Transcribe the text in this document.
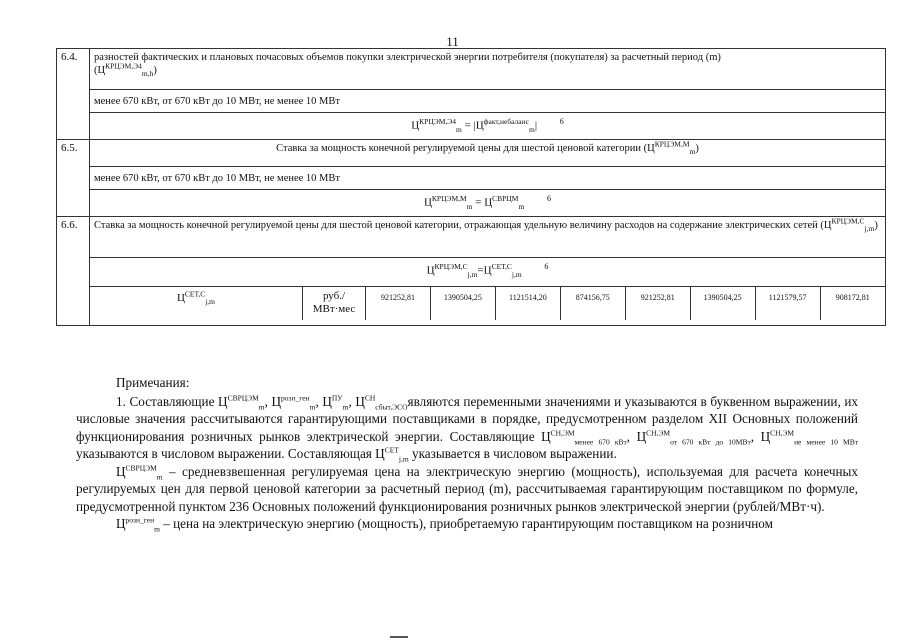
11
6.4.	разностей фактических и плановых почасовых объемов покупки электрической энергии потребителя (покупателя) за расчетный период (m)
$(Ц^{КРЦЭМ,Э4}_{m,h})$
менее 670 кВт, от 670 кВт до 10 МВт, не менее 10 МВт
$Ц^{КРЦЭМ,Э4}_m = |Ц^{факт,небаланс}_m|$	6
6.5.	Ставка за мощность конечной регулируемой цены для шестой ценовой категории $(Ц^{КРЦЭМ,М}_m)$
менее 670 кВт, от 670 кВт до 10 МВт, не менее 10 МВт
$Ц^{КРЦЭМ,М}_m = Ц^{СВРЦМ}_m$ 6
6.6.	Ставка за мощность конечной регулируемой цены для шестой ценовой категории, отражающая удельную величину расходов на содержание электрических сетей $(Ц^{КРЦЭМ,С}_{j,m})$
$Ц^{КРЦЭМ,С}_{j,m}=Ц^{СЕТ,С}_{j,m}$ 6

$Ц^{СЕТ,С}_{j,m}$	руб./
МВт·мес	921252,81	1390504,25	1121514,20	874156,75	921252,81	1390504,25	1121579,57	908172,81

Примечания:

1. Составляющие $Ц^{СВРЦЭМ}_m$, $Ц^{розн\_ген}_m$, $Ц^{ПУ}_m$, $Ц^{СН}_{сбыт,ЭСО}являются$ переменными значениями и указываются в буквенном выражении, их числовые значения рассчитываются гарантирующими поставщиками в порядке, предусмотренном разделом XII Основных положений функционирования розничных рынков электрической энергии. Составляющие $Ц^{СН,ЭМ}_{менее 670 кВт}$, $Ц^{СН,ЭМ}_{от 670 кВт до 10МВт}$, $Ц^{СН,ЭМ}_{не менее 10 МВт}$ указываются в числовом выражении. Составляющая $Ц^{СЕТ}_{j,m}$ указывается в числовом выражении.

$Ц^{СВРЦЭМ}_m$ – средневзвешенная регулируемая цена на электрическую энергию (мощность), используемая для расчета конечных регулируемых цен для первой ценовой категории за расчетный период (m), рассчитываемая гарантирующим поставщиком по формуле, предусмотренной пунктом 236 Основных положений функционирования розничных рынков электрической энергии (рублей/МВт·ч).

$Ц^{розн\_ген}_m$ – цена на электрическую энергию (мощность), приобретаемую гарантирующим поставщиком на розничном
